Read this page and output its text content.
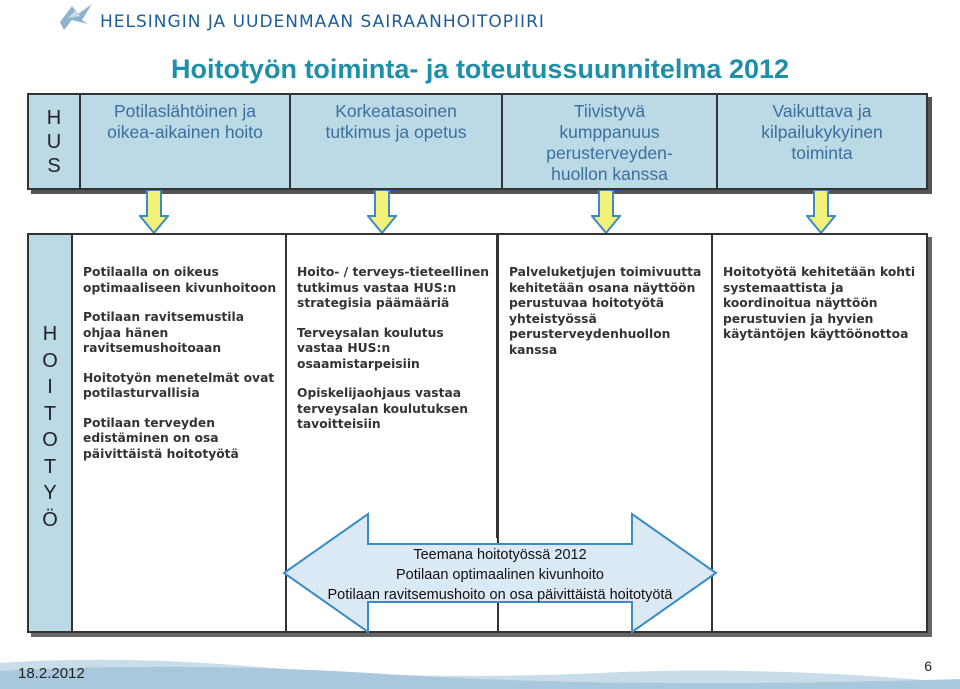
HELSINGIN JA UUDENMAAN SAIRAANHOITOPIIRI
Hoitotyön toiminta- ja toteutussuunnitelma 2012
H
U
S
Potilaslähtöinen ja oikea-aikainen hoito
Korkeatasoinen tutkimus ja opetus
Tiivistyvä kumppanuus perusterveyden-huollon kanssa
Vaikuttava ja kilpailukykyinen toiminta
H
O
I
T
O
T
Y
Ö

Potilaalla on oikeus optimaaliseen kivunhoitoon

Potilaan ravitsemustila ohjaa hänen ravitsemushoitoaan

Hoitotyön menetelmät ovat potilasturvallisia

Potilaan terveyden edistäminen on osa päivittäistä hoitotyötä

Hoito- / terveys-tieteellinen tutkimus vastaa HUS:n strategisia päämääriä

Terveysalan koulutus vastaa HUS:n osaamistarpeisiin

Opiskelijaohjaus vastaa terveysalan koulutuksen tavoitteisiin

Palveluketjujen toimivuutta kehitetään osana näyttöön perustuvaa hoitotyötä yhteistyössä perusterveydenhuollon kanssa

Hoitotyötä kehitetään kohti systemaattista ja koordinoitua näyttöön perustuvien ja hyvien käytäntöjen käyttöönottoa

Teemana hoitotyössä 2012
Potilaan optimaalinen kivunhoito
Potilaan ravitsemushoito on osa päivittäistä hoitotyötä
18.2.2012	6
